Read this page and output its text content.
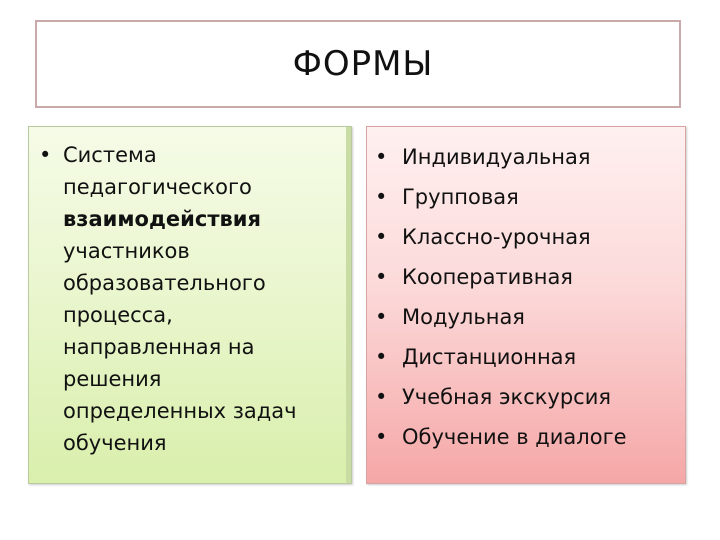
ФОРМЫ
• Система
педагогического
взаимодействия
участников
образовательного
процесса,
направленная на
решения
определенных задач
обучения
• Индивидуальная
• Групповая
• Классно-урочная
• Кооперативная
• Модульная
• Дистанционная
• Учебная экскурсия
• Обучение в диалоге
